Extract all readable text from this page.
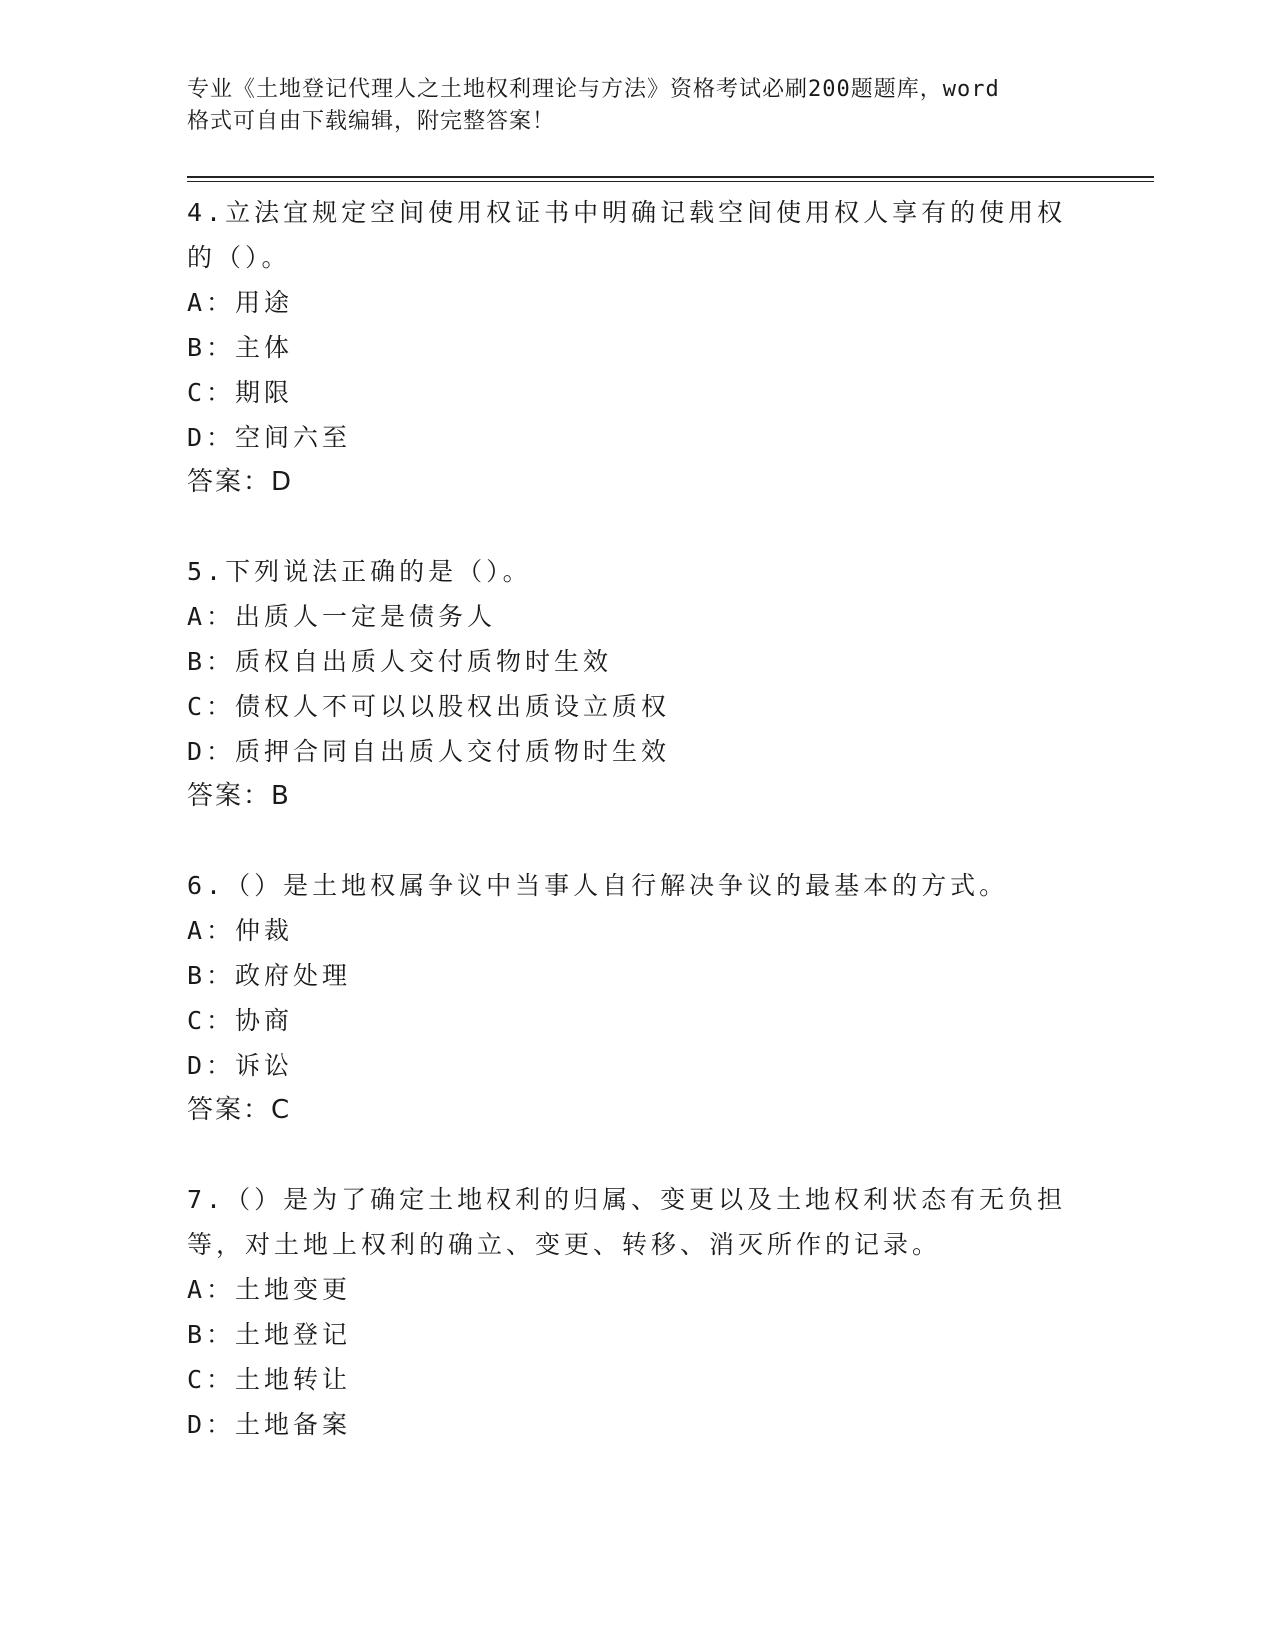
专业《土地登记代理人之土地权利理论与方法》资格考试必刷200题题库，word
格式可自由下载编辑，附完整答案！
4.立法宜规定空间使用权证书中明确记载空间使用权人享有的使用权的（）。
A：用途
B：主体
C：期限
D：空间六至
答案：D
5.下列说法正确的是（）。
A：出质人一定是债务人
B：质权自出质人交付质物时生效
C：债权人不可以以股权出质设立质权
D：质押合同自出质人交付质物时生效
答案：B
6.（）是土地权属争议中当事人自行解决争议的最基本的方式。
A：仲裁
B：政府处理
C：协商
D：诉讼
答案：C
7.（）是为了确定土地权利的归属、变更以及土地权利状态有无负担等，对土地上权利的确立、变更、转移、消灭所作的记录。
A：土地变更
B：土地登记
C：土地转让
D：土地备案
